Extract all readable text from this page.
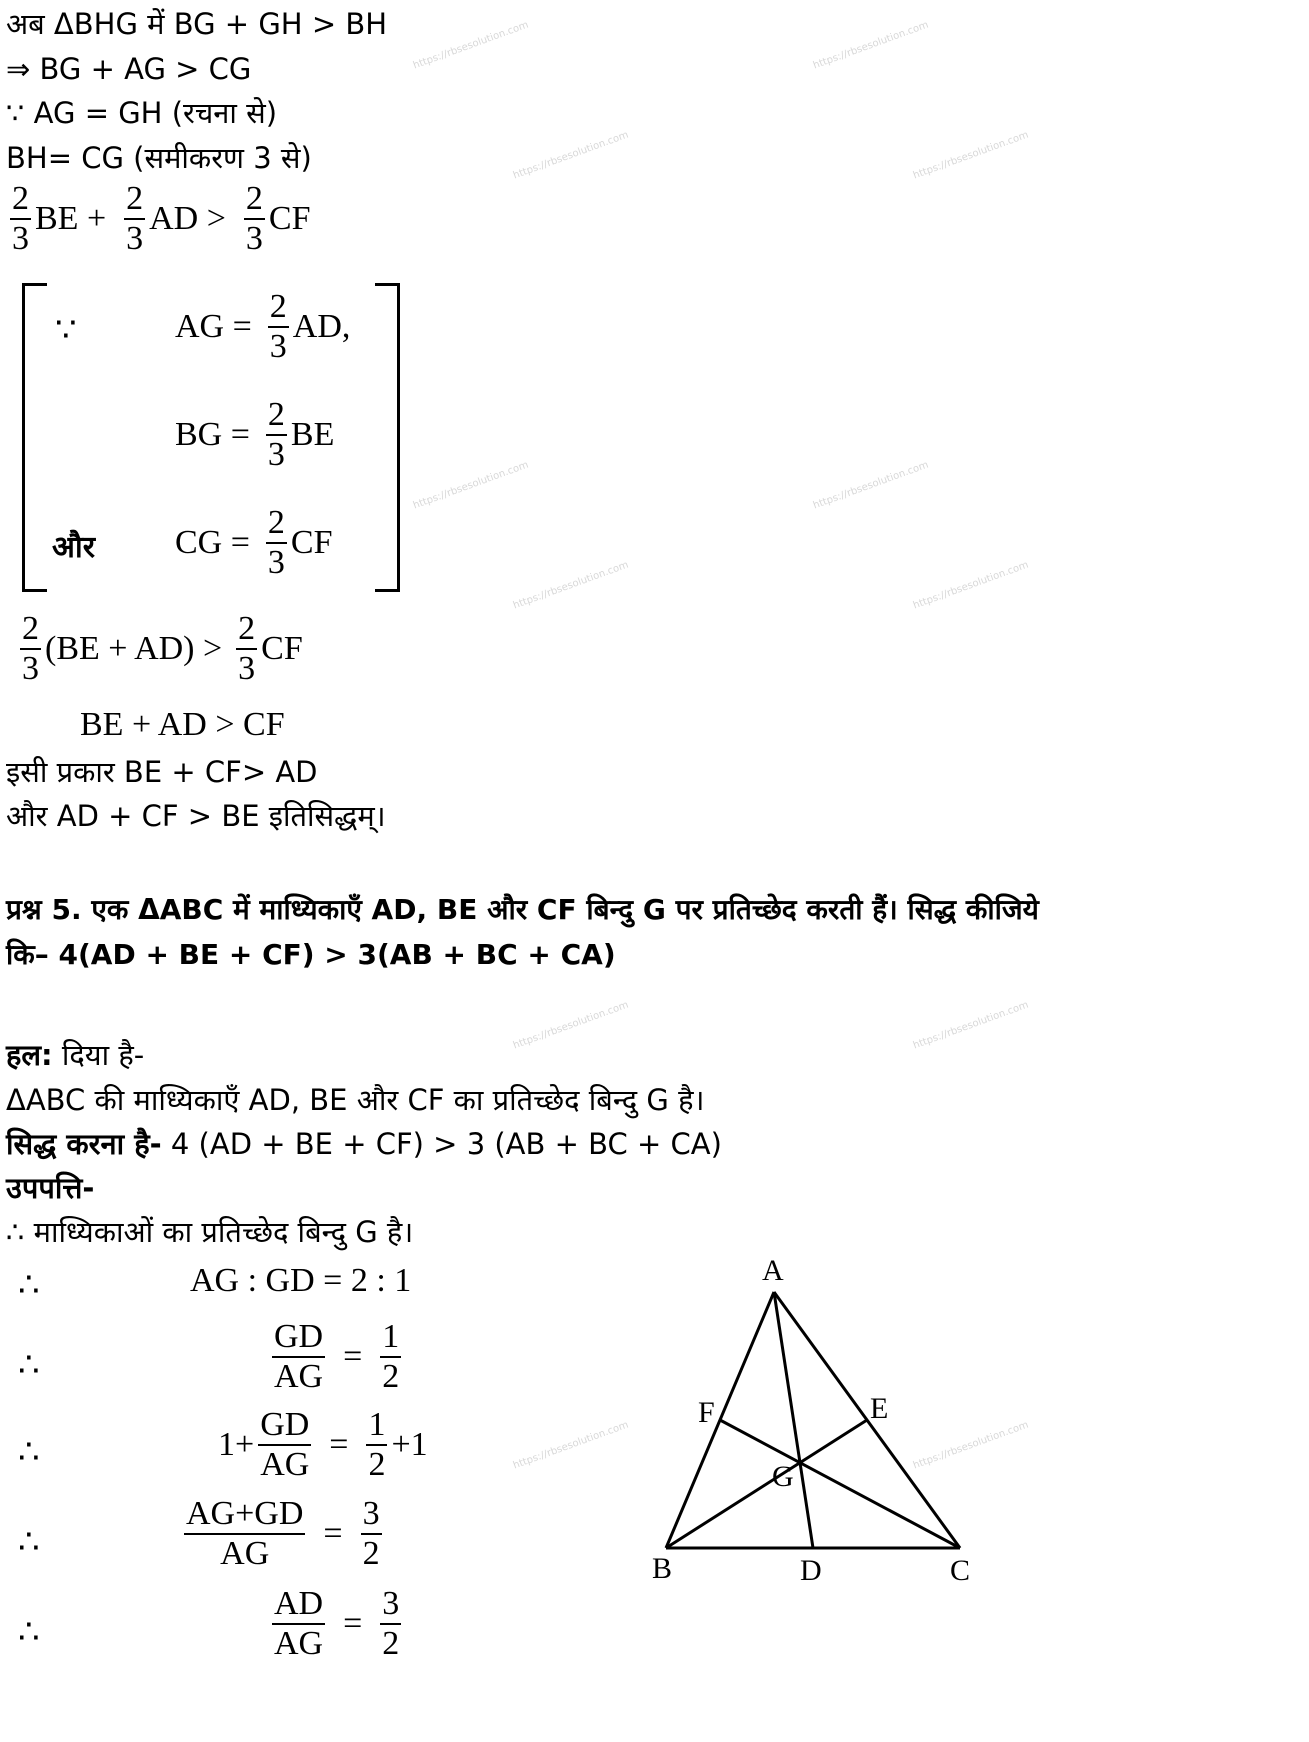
https://rbsesolution.com	https://rbsesolution.com
https://rbsesolution.com	https://rbsesolution.com
https://rbsesolution.com	https://rbsesolution.com
https://rbsesolution.com	https://rbsesolution.com
https://rbsesolution.com	https://rbsesolution.com
https://rbsesolution.com	https://rbsesolution.com
अब ΔBHG में BG + GH > BH
⇒ BG + AG > CG
∵ AG = GH (रचना से)
BH= CG (समीकरण 3 से)
$\frac{2}{3}$ BE + $\frac{2}{3}$ AD > $\frac{2}{3}$ CF
∵	AG = $\frac{2}{3}$ AD,
BG = $\frac{2}{3}$ BE
और CG = $\frac{2}{3}$ CF
$\frac{2}{3} (BE + AD) > \frac{2}{3}$ CF
BE + AD > CF
इसी प्रकार BE + CF> AD
और AD + CF > BE इतिसिद्धम्।
प्रश्न 5. एक ΔABC में माध्यिकाएँ AD, BE और CF बिन्दु G पर प्रतिच्छेद करती हैं। सिद्ध कीजिये
कि– 4(AD + BE + CF) > 3(AB + BC + CA)
हल: दिया है-
ΔABC की माध्यिकाएँ AD, BE और CF का प्रतिच्छेद बिन्दु G है।
सिद्ध करना है- 4 (AD + BE + CF) > 3 (AB + BC + CA)
उपपत्ति-
∴ माध्यिकाओं का प्रतिच्छेद बिन्दु G है।
∴	AG : GD = 2 : 1
∴	$\frac{GD}{AG} = \frac{1}{2}$
∴	$1+ \frac{GD}{AG} = \frac{1}{2} +1$
∴	$\frac{AG+GD}{AG} = \frac{3}{2}$
∴	$\frac{AD}{AG} = \frac{3}{2}$
A
B	C
D
E
F
G
